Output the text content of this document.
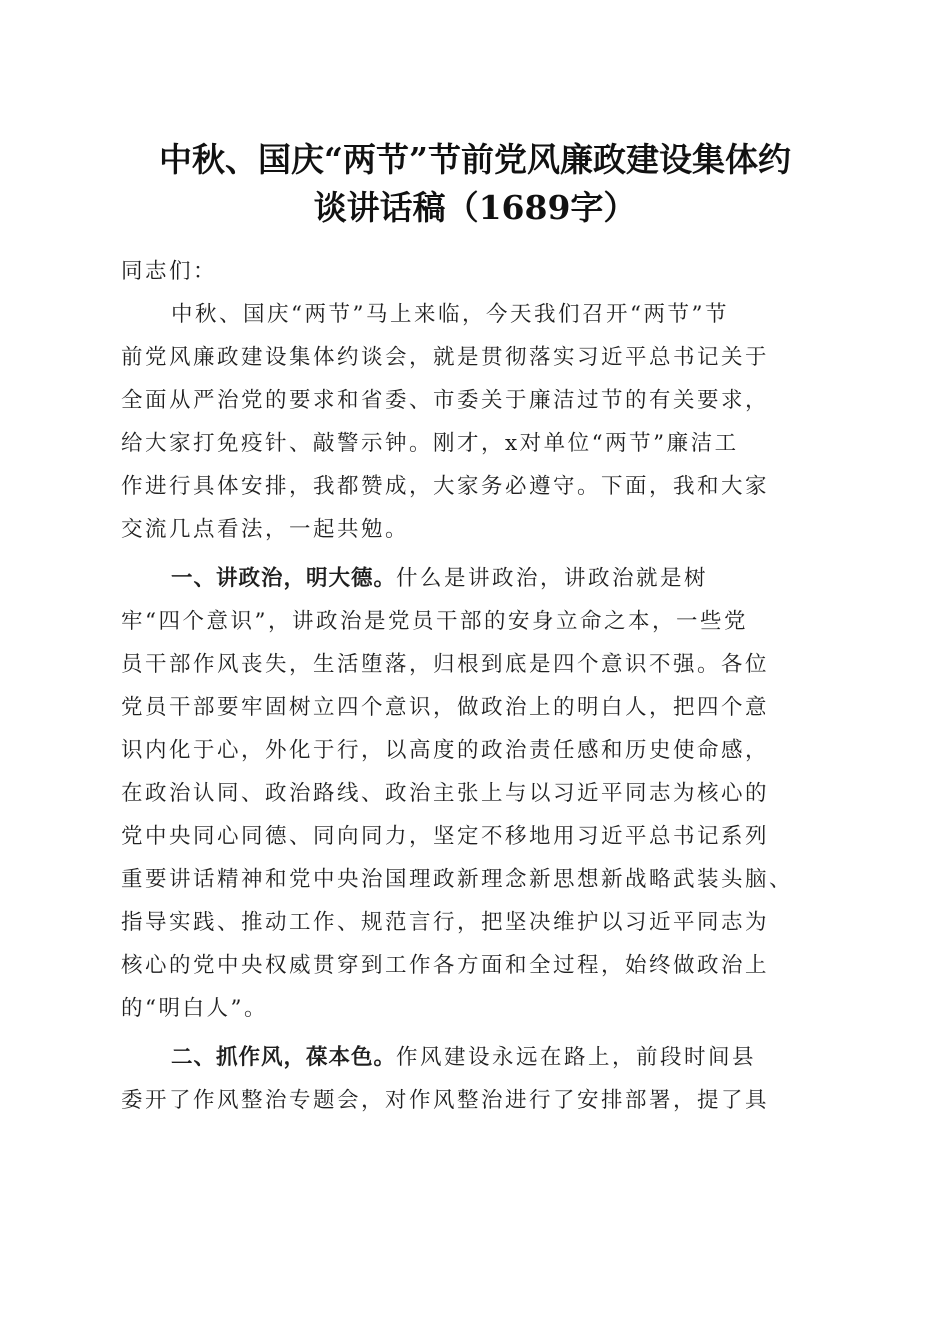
中秋、国庆“两节”节前党风廉政建设集体约
谈讲话稿（1689字）
同志们：
中秋、国庆“两节”马上来临，今天我们召开“两节”节
前党风廉政建设集体约谈会，就是贯彻落实习近平总书记关于
全面从严治党的要求和省委、市委关于廉洁过节的有关要求，
给大家打免疫针、敲警示钟。刚才，x对单位“两节”廉洁工
作进行具体安排，我都赞成，大家务必遵守。下面，我和大家
交流几点看法，一起共勉。
一、讲政治，明大德。什么是讲政治，讲政治就是树
牢“四个意识”，讲政治是党员干部的安身立命之本，一些党
员干部作风丧失，生活堕落，归根到底是四个意识不强。各位
党员干部要牢固树立四个意识，做政治上的明白人，把四个意
识内化于心，外化于行，以高度的政治责任感和历史使命感，
在政治认同、政治路线、政治主张上与以习近平同志为核心的
党中央同心同德、同向同力，坚定不移地用习近平总书记系列
重要讲话精神和党中央治国理政新理念新思想新战略武装头脑、
指导实践、推动工作、规范言行，把坚决维护以习近平同志为
核心的党中央权威贯穿到工作各方面和全过程，始终做政治上
的“明白人”。
二、抓作风，葆本色。作风建设永远在路上，前段时间县
委开了作风整治专题会，对作风整治进行了安排部署，提了具
